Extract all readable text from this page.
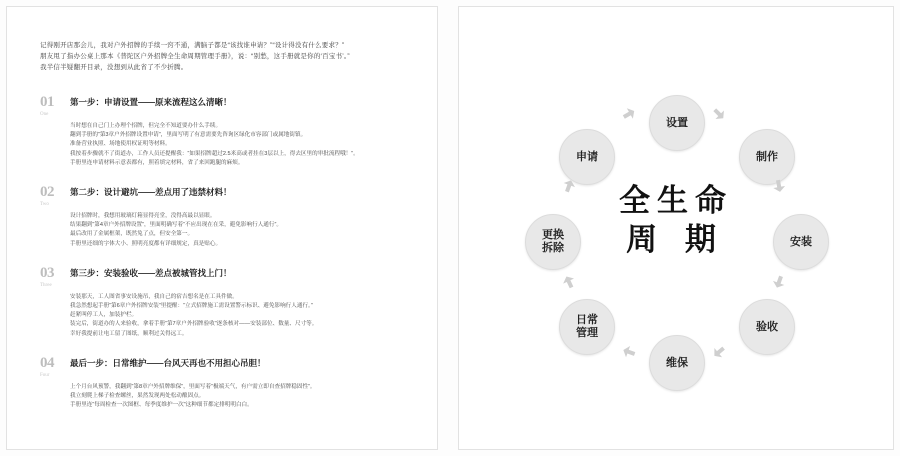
记得刚开店那会儿，我对户外招牌的手续一窍不通，满脑子都是“该找谁申请？”“设计得没有什么要求？”
朋友甩了指办公桌上那本《普陀区户外招牌全生命周期管理手册》，说：“别愁，这手册就是你的‘百宝书’。”
我半信半疑翻开目录，没想到从此省了不少折腾。
01
One
第一步：申请设置——原来流程这么清晰！
当时想在自己门上办理个招牌，但完全不知道要办什么手续。
翻到手册的“第3章户外招牌设置申请”，里面写明了有意需要先咨询区绿化市容部门或属地街镇。
准备营业执照、场地使用权证明等材料。
我按着步骤就不了街道办，工作人员还提醒我：“如果招牌超过2.5米高或者挂在3层以上，得去区里的审批流程哦！”。
手册里连申请材料示意表都有，照着填完材料，省了来回跑腿的麻烦。
02
Two
第二步：设计避坑——差点用了违禁材料！
设计招牌时，我想用玻璃灯箱显得亮堂，没得高最以显眼。
结果翻到“第4章户外招牌设置”，里面明确写着“不应出现在在采，避免影响行人通行”。
最后改用了金属框架，既然兔了点，但安全第一。
手册里还细的字体大小、照明亮度都有详细规定，真是贴心。
03
Three
第三步：安装验收——差点被城管找上门！
安装那天，工人图省事安设施吊，我自己的宿吉想名是在工具件做。
我急然想起手册“第6章户外招牌安装”里提醒：“立式招牌施工需设置警示标识、避免影响行人通行。”
赶紧叫停工人，加装护栏。
装完后，街道办的人来验收，拿着手册“第7章户外招牌验收”逐条核对——安装部位、数量、尺寸等。
幸好我提前让电工留了图纸，顺利过关得远工。
04
Four
最后一步：日常维护——台风天再也不用担心吊胆！
上个月台风预警，我翻到“第8章户外招牌维保”，里面写着“极端天气，有户需立即自查招牌稳固性”。
我立刻爬上梯子检查螺丝，果然发现两处松动酿固点。
手册里连“每周检查一次图框、每季度维护一次”这种细节都定排明明白白。
全生命
周 期
设置
制作
安装
验收
维保
日常
管理
更换
拆除
申请
